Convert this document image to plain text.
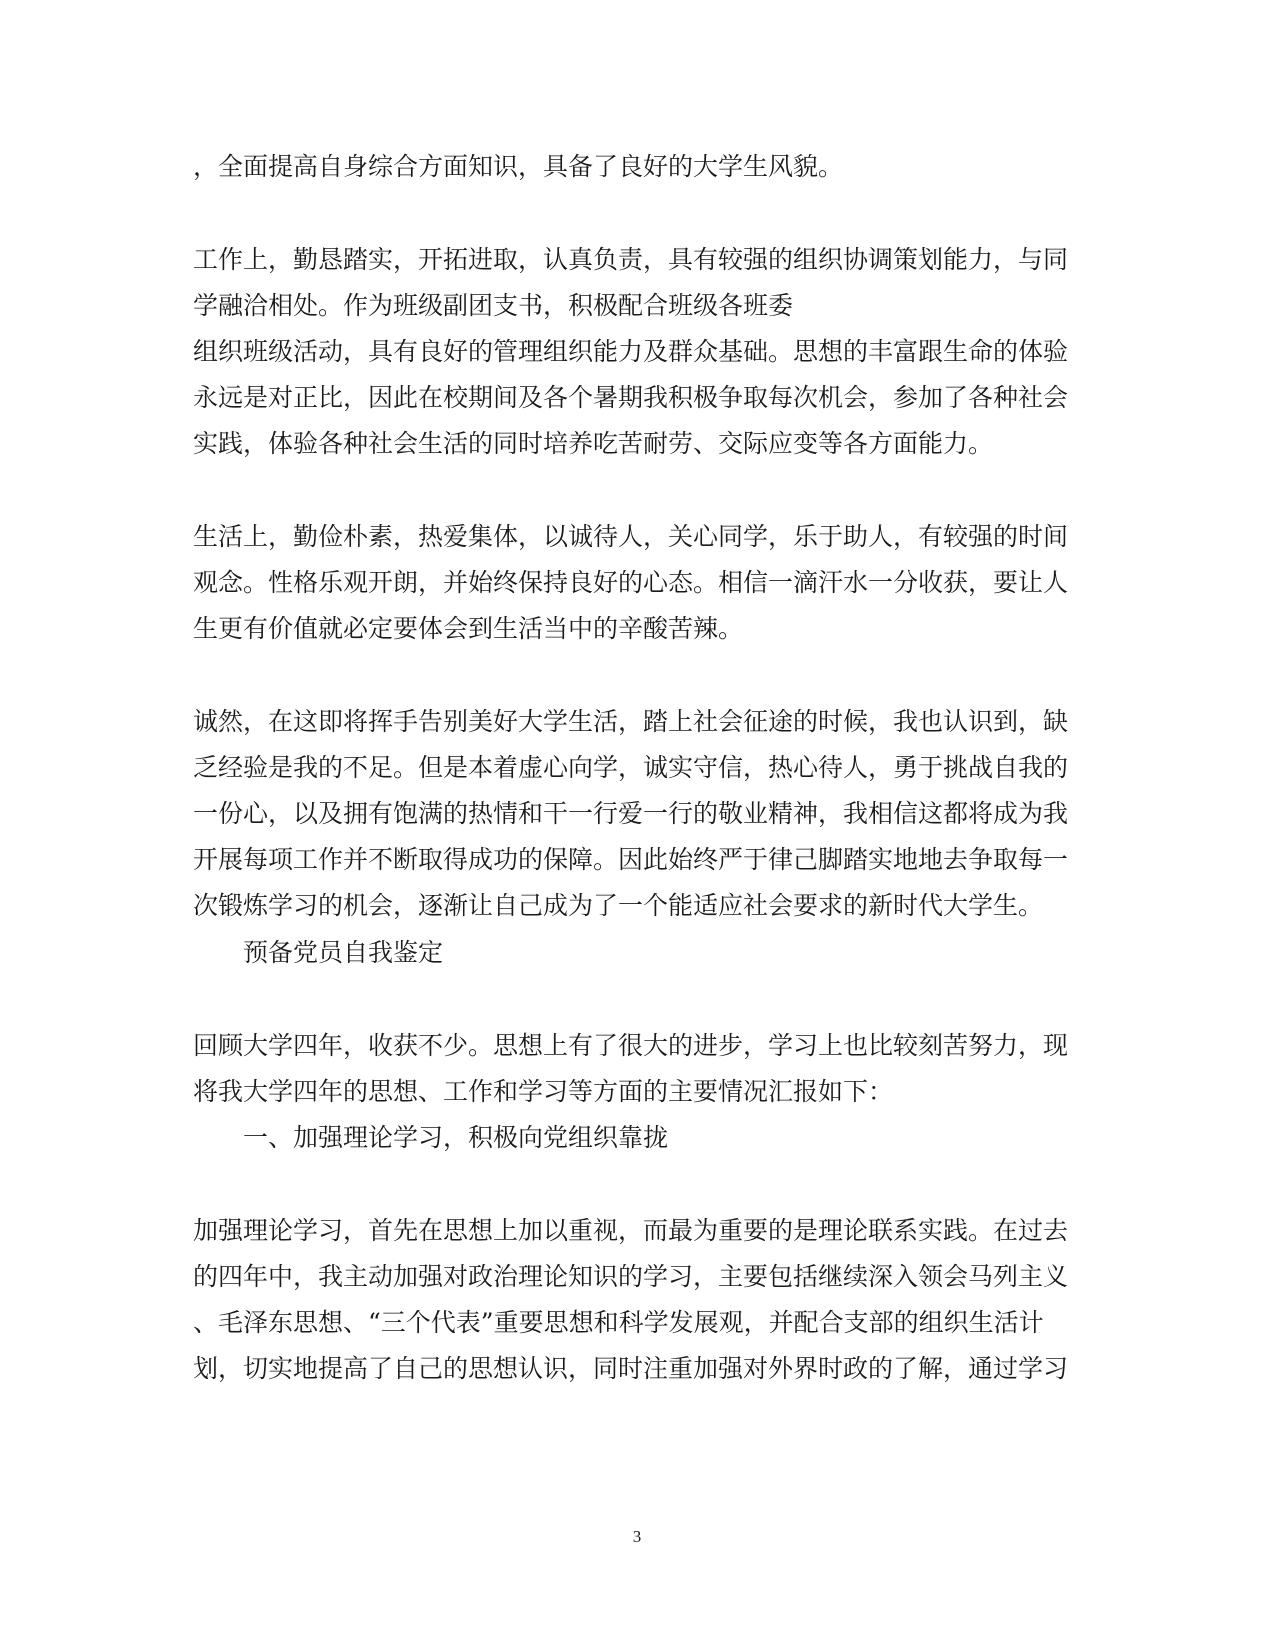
，全面提高自身综合方面知识，具备了良好的大学生风貌。
工作上，勤恳踏实，开拓进取，认真负责，具有较强的组织协调策划能力，与同
学融洽相处。作为班级副团支书，积极配合班级各班委
组织班级活动，具有良好的管理组织能力及群众基础。思想的丰富跟生命的体验
永远是对正比，因此在校期间及各个暑期我积极争取每次机会，参加了各种社会
实践，体验各种社会生活的同时培养吃苦耐劳、交际应变等各方面能力。
生活上，勤俭朴素，热爱集体，以诚待人，关心同学，乐于助人，有较强的时间
观念。性格乐观开朗，并始终保持良好的心态。相信一滴汗水一分收获，要让人
生更有价值就必定要体会到生活当中的辛酸苦辣。
诚然，在这即将挥手告别美好大学生活，踏上社会征途的时候，我也认识到，缺
乏经验是我的不足。但是本着虚心向学，诚实守信，热心待人，勇于挑战自我的
一份心，以及拥有饱满的热情和干一行爱一行的敬业精神，我相信这都将成为我
开展每项工作并不断取得成功的保障。因此始终严于律己脚踏实地地去争取每一
次锻炼学习的机会，逐渐让自己成为了一个能适应社会要求的新时代大学生。
预备党员自我鉴定
回顾大学四年，收获不少。思想上有了很大的进步，学习上也比较刻苦努力，现
将我大学四年的思想、工作和学习等方面的主要情况汇报如下：
一、加强理论学习，积极向党组织靠拢
加强理论学习，首先在思想上加以重视，而最为重要的是理论联系实践。在过去
的四年中，我主动加强对政治理论知识的学习，主要包括继续深入领会马列主义
、毛泽东思想、“三个代表”重要思想和科学发展观，并配合支部的组织生活计
划，切实地提高了自己的思想认识，同时注重加强对外界时政的了解，通过学习
3
